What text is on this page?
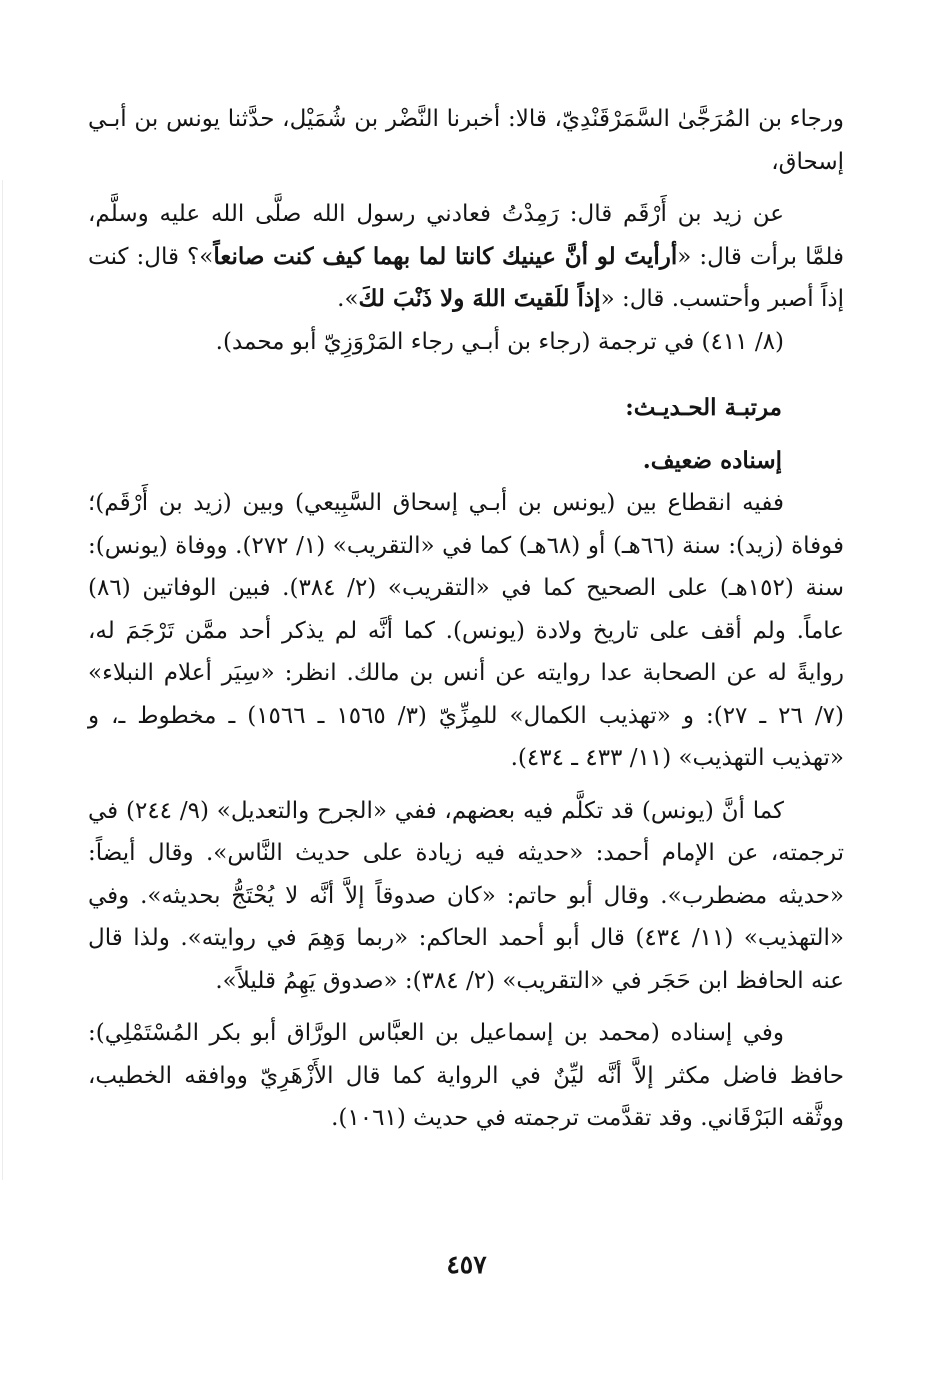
ورجاء بن المُرَجَّىٰ السَّمَرْقَنْدِيّ، قالا: أخبرنا النَّضْر بن شُمَيْل، حدَّثنا يونس بن أبـي إسحاق،

عن زيد بن أَرْقَم قال: رَمِدْتُ فعادني رسول الله صلَّى الله عليه وسلَّم، فلمَّا برأت قال: «أرأيتَ لو أنَّ عينيك كانتا لما بهما كيف كنت صانعاً»؟ قال: كنت إذاً أصبر وأحتسب. قال: «إذاً للَقيتَ اللهَ ولا ذَنْبَ لكَ».

(٨/ ٤١١) في ترجمة (رجاء بن أبـي رجاء المَرْوَزِيّ أبو محمد).

مرتبـة الحـديـث:

إسناده ضعيف.

ففيه انقطاع بين (يونس بن أبـي إسحاق السَّبِيعي) وبين (زيد بن أَرْقَم)؛ فوفاة (زيد): سنة (٦٦هـ) أو (٦٨هـ) كما في «التقريب» (١/ ٢٧٢). ووفاة (يونس): سنة (١٥٢هـ) على الصحيح كما في «التقريب» (٢/ ٣٨٤). فبين الوفاتين (٨٦) عاماً. ولم أقف على تاريخ ولادة (يونس). كما أنَّه لم يذكر أحد ممَّن تَرْجَمَ له، روايةً له عن الصحابة عدا روايته عن أنس بن مالك. انظر: «سِيَر أعلام النبلاء» (٧/ ٢٦ ـ ٢٧): و «تهذيب الكمال» للمِزِّيّ (٣/ ١٥٦٥ ـ ١٥٦٦) ـ مخطوط ـ، و «تهذيب التهذيب» (١١/ ٤٣٣ ـ ٤٣٤).

كما أنَّ (يونس) قد تكلَّم فيه بعضهم، ففي «الجرح والتعديل» (٩/ ٢٤٤) في ترجمته، عن الإمام أحمد: «حديثه فيه زيادة على حديث النَّاس». وقال أيضاً: «حديثه مضطرب». وقال أبو حاتم: «كان صدوقاً إلاَّ أنَّه لا يُحْتَجُّ بحديثه». وفي «التهذيب» (١١/ ٤٣٤) قال أبو أحمد الحاكم: «ربما وَهِمَ في روايته». ولذا قال عنه الحافظ ابن حَجَر في «التقريب» (٢/ ٣٨٤): «صدوق يَهِمُ قليلاً».

وفي إسناده (محمد بن إسماعيل بن العبَّاس الورَّاق أبو بكر المُسْتَمْلِي): حافظ فاضل مكثر إلاَّ أنَّه ليِّنٌ في الرواية كما قال الأَزْهَرِيّ ووافقه الخطيب، ووثَّقه البَرْقَاني. وقد تقدَّمت ترجمته في حديث (١٠٦١).

٤٥٧
